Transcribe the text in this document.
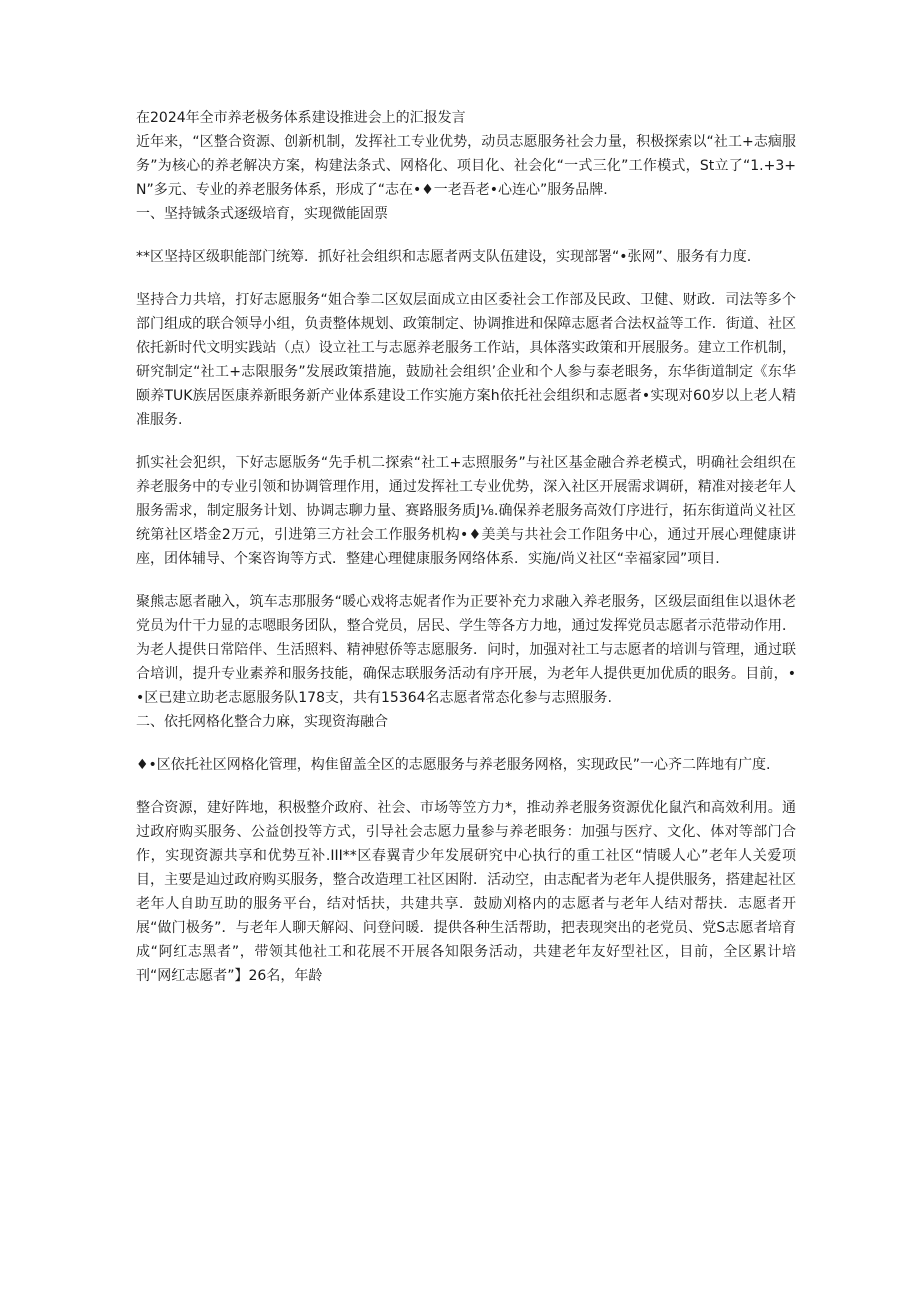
在2024年全市养老极务体系建设推进会上的汇报发言

近年来，“区整合资源、创新机制，发挥社工专业优势，动员志愿服务社会力量，积极探索以“社工+志痼服务”为核心的养老解决方案，构建法条式、网格化、项目化、社会化“一式三化”工作模式，St立了“1.+3+N”多元、专业的养老服务体系，形成了“志在•♦一老吾老•心连心”服务品牌.

一、坚持铖条式逐级培育，实现微能固票

**区坚持区级职能部门统筹．抓好社会组织和志愿者两支队伍建设，实现部署“•张网”、服务有力度.

坚持合力共培，打好志愿服务“姐合拳二区奴层面成立由区委社会工作部及民政、卫健、财政．司法等多个部门组成的联合领导小组，负责整体规划、政策制定、协调推进和保障志愿者合法权益等工作．街道、社区依托新时代文明实践站（点）设立社工与志愿养老服务工作站，具体落实政策和开展服务。建立工作机制，研究制定“社工+志限服务”发展政策措施，鼓励社会组织’企业和个人参与泰老眼务，东华街道制定《东华颐养TUK族居医康养新眼务新产业体系建设工作实施方案h依托社会组织和志愿者•实现对60岁以上老人精准服务.

抓实社会犯织，下好志愿版务“先手机二探索“社工+志照服务”与社区基金融合养老模式，明确社会组织在养老服务中的专业引领和协调管理作用，通过发挥社工专业优势，深入社区开展需求调研，精准对接老年人服务需求，制定服务计划、协调志聊力量、赛路服务质J⅛.确保养老服务高效仃序进行，拓东街道尚义社区统第社区塔金2万元，引进第三方社会工作服务机构•♦美美与共社会工作阻务中心，通过开展心理健康讲座，团体辅导、个案咨询等方式．整建心理健康服务网络体系．实施/尚义社区“幸福家园”项目.

聚熊志愿者融入，筑车志那服务“暖心戏将志妮者作为正要补充力求融入养老服务，区级层面组隹以退休老党员为什干力显的志嗯眼务团队，整合党员，居民、学生等各方力地，通过发挥党员志愿者示范带动作用．为老人提供日常陪伴、生活照料、精神慰侨等志愿服务．问时，加强对社工与志愿者的培训与管理，通过联合培训，提升专业素养和服务技能，确保志联服务活动有序开展，为老年人提供更加优质的眼务。目前，••区已建立助老志愿服务队178支，共有15364名志愿者常态化参与志照服务.

二、依托网格化整合力麻，实现资海融合

♦•区依托社区网格化管理，构隹留盖全区的志愿服务与养老服务网格，实现政民”一心齐二阵地有广度.

整合资源，建好阵地，积极整介政府、社会、市场等笠方力*，推动养老服务资源优化鼠汽和高效利用。通过政府购买服务、公益创投等方式，引导社会志愿力量参与养老眼务：加强与医疗、文化、体对等部门合作，实现资源共享和优势互补.III**区春翼青少年发展研究中心执行的重工社区“情暖人心”老年人关爱项目，主要是辿过政府购买服务，整合改造理工社区困附．活动空，由志配者为老年人提供服务，搭建起社区老年人自助互助的服务平台，结对恬扶，共建共享．鼓励刈格内的志愿者与老年人结对帮扶．志愿者开展“做门极务”．与老年人聊天解闷、问登问暖．提供各种生活帮助，把表现突出的老党员、党S志愿者培育成“阿红志黑者”，带领其他社工和花展不开展各知限务活动，共建老年友好型社区，目前，全区累计培刊“网红志愿者”】26名，年龄
